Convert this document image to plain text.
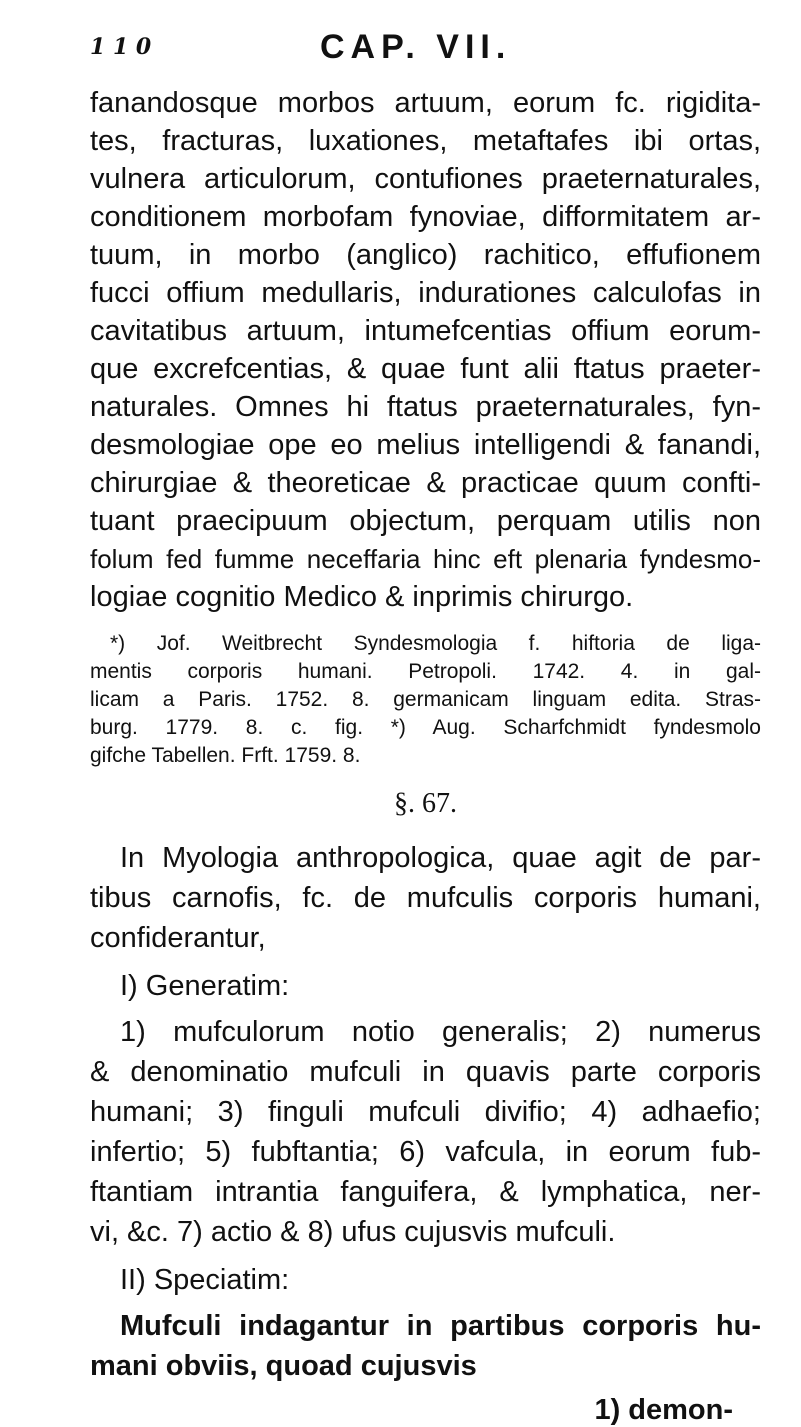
1 1 0	CAP. VII.

fanandosque morbos artuum, eorum fc. rigidita-
tes, fracturas, luxationes, metaftafes ibi ortas,
vulnera articulorum, contufiones praeternaturales,
conditionem morbofam fynoviae, difformitatem ar-
tuum, in morbo (anglico) rachitico, effufionem
fucci offium medullaris, indurationes calculofas in
cavitatibus artuum, intumefcentias offium eorum-
que excrefcentias, & quae funt alii ftatus praeter-
naturales. Omnes hi ftatus praeternaturales, fyn-
desmologiae ope eo melius intelligendi & fanandi,
chirurgiae & theoreticae & practicae quum confti-
tuant praecipuum objectum, perquam utilis non
folum fed fumme neceffaria hinc eft plenaria fyndesmo-
logiae cognitio Medico & inprimis chirurgo.

*) Jof. Weitbrecht Syndesmologia f. hiftoria de liga-
mentis corporis humani. Petropoli. 1742. 4. in gal-
licam a Paris. 1752. 8. germanicam linguam edita. Stras-
burg. 1779. 8. c. fig. *) Aug. Scharfchmidt fyndesmolo
gifche Tabellen. Frft. 1759. 8.
§. 67.

In Myologia anthropologica, quae agit de par-
tibus carnofis, fc. de mufculis corporis humani,
confiderantur,

I) Generatim:

1) mufculorum notio generalis; 2) numerus
& denominatio mufculi in quavis parte corporis
humani; 3) finguli mufculi divifio; 4) adhaefio;
infertio; 5) fubftantia; 6) vafcula, in eorum fub-
ftantiam intrantia fanguifera, & lymphatica, ner-
vi, &c. 7) actio & 8) ufus cujusvis mufculi.

II) Speciatim:

Mufculi indagantur in partibus corporis hu-
mani obviis, quoad cujusvis

1) demon-
